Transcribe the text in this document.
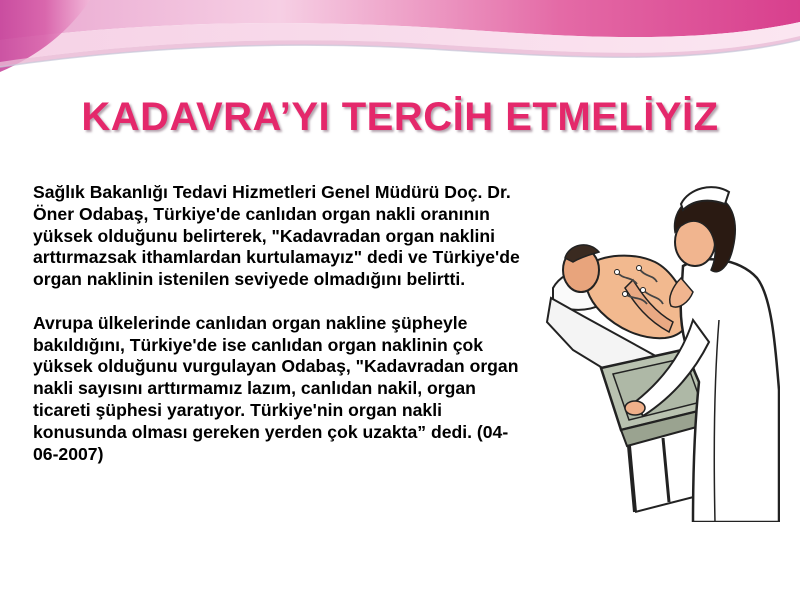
KADAVRA’YI TERCİH ETMELİYİZ

Sağlık Bakanlığı Tedavi Hizmetleri Genel Müdürü Doç. Dr. Öner Odabaş, Türkiye'de canlıdan organ nakli oranının yüksek olduğunu belirterek, "Kadavradan organ naklini arttırmazsak ithamlardan kurtulamayız" dedi ve Türkiye'de organ naklinin istenilen seviyede olmadığını belirtti.

Avrupa ülkelerinde canlıdan organ nakline şüpheyle bakıldığını, Türkiye'de ise canlıdan organ naklinin çok yüksek olduğunu vurgulayan Odabaş, "Kadavradan organ nakli sayısını arttırmamız lazım, canlıdan nakil, organ ticareti şüphesi yaratıyor. Türkiye'nin organ nakli konusunda olması gereken yerden çok uzakta” dedi. (04-06-2007)
